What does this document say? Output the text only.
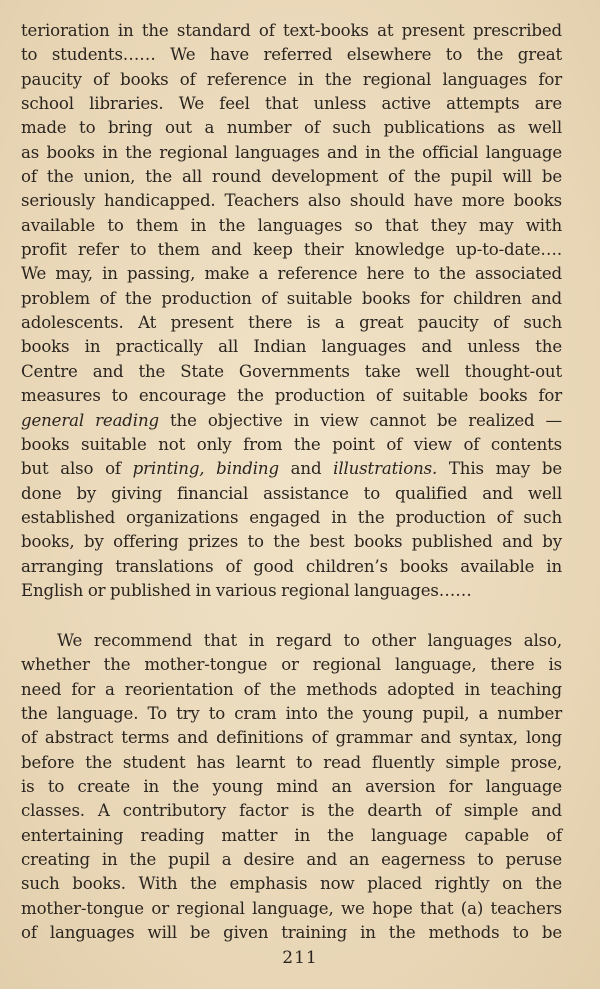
terioration in the standard of text-books at present prescribed
to students…… We have referred elsewhere to the great
paucity of books of reference in the regional languages for
school libraries. We feel that unless active attempts are
made to bring out a number of such publications as well
as books in the regional languages and in the official language
of the union, the all round development of the pupil will be
seriously handicapped. Teachers also should have more books
available to them in the languages so that they may with
profit refer to them and keep their knowledge up-to-date….
We may, in passing, make a reference here to the associated
problem of the production of suitable books for children and
adolescents. At present there is a great paucity of such
books in practically all Indian languages and unless the
Centre and the State Governments take well thought-out
measures to encourage the production of suitable books for
general reading the objective in view cannot be realized —
books suitable not only from the point of view of contents
but also of printing, binding and illustrations. This may be
done by giving financial assistance to qualified and well
established organizations engaged in the production of such
books, by offering prizes to the best books published and by
arranging translations of good children’s books available in
English or published in various regional languages……
We recommend that in regard to other languages also,
whether the mother-tongue or regional language, there is
need for a reorientation of the methods adopted in teaching
the language. To try to cram into the young pupil, a number
of abstract terms and definitions of grammar and syntax, long
before the student has learnt to read fluently simple prose,
is to create in the young mind an aversion for language
classes. A contributory factor is the dearth of simple and
entertaining reading matter in the language capable of
creating in the pupil a desire and an eagerness to peruse
such books. With the emphasis now placed rightly on the
mother-tongue or regional language, we hope that (a) teachers
of languages will be given training in the methods to be
211
